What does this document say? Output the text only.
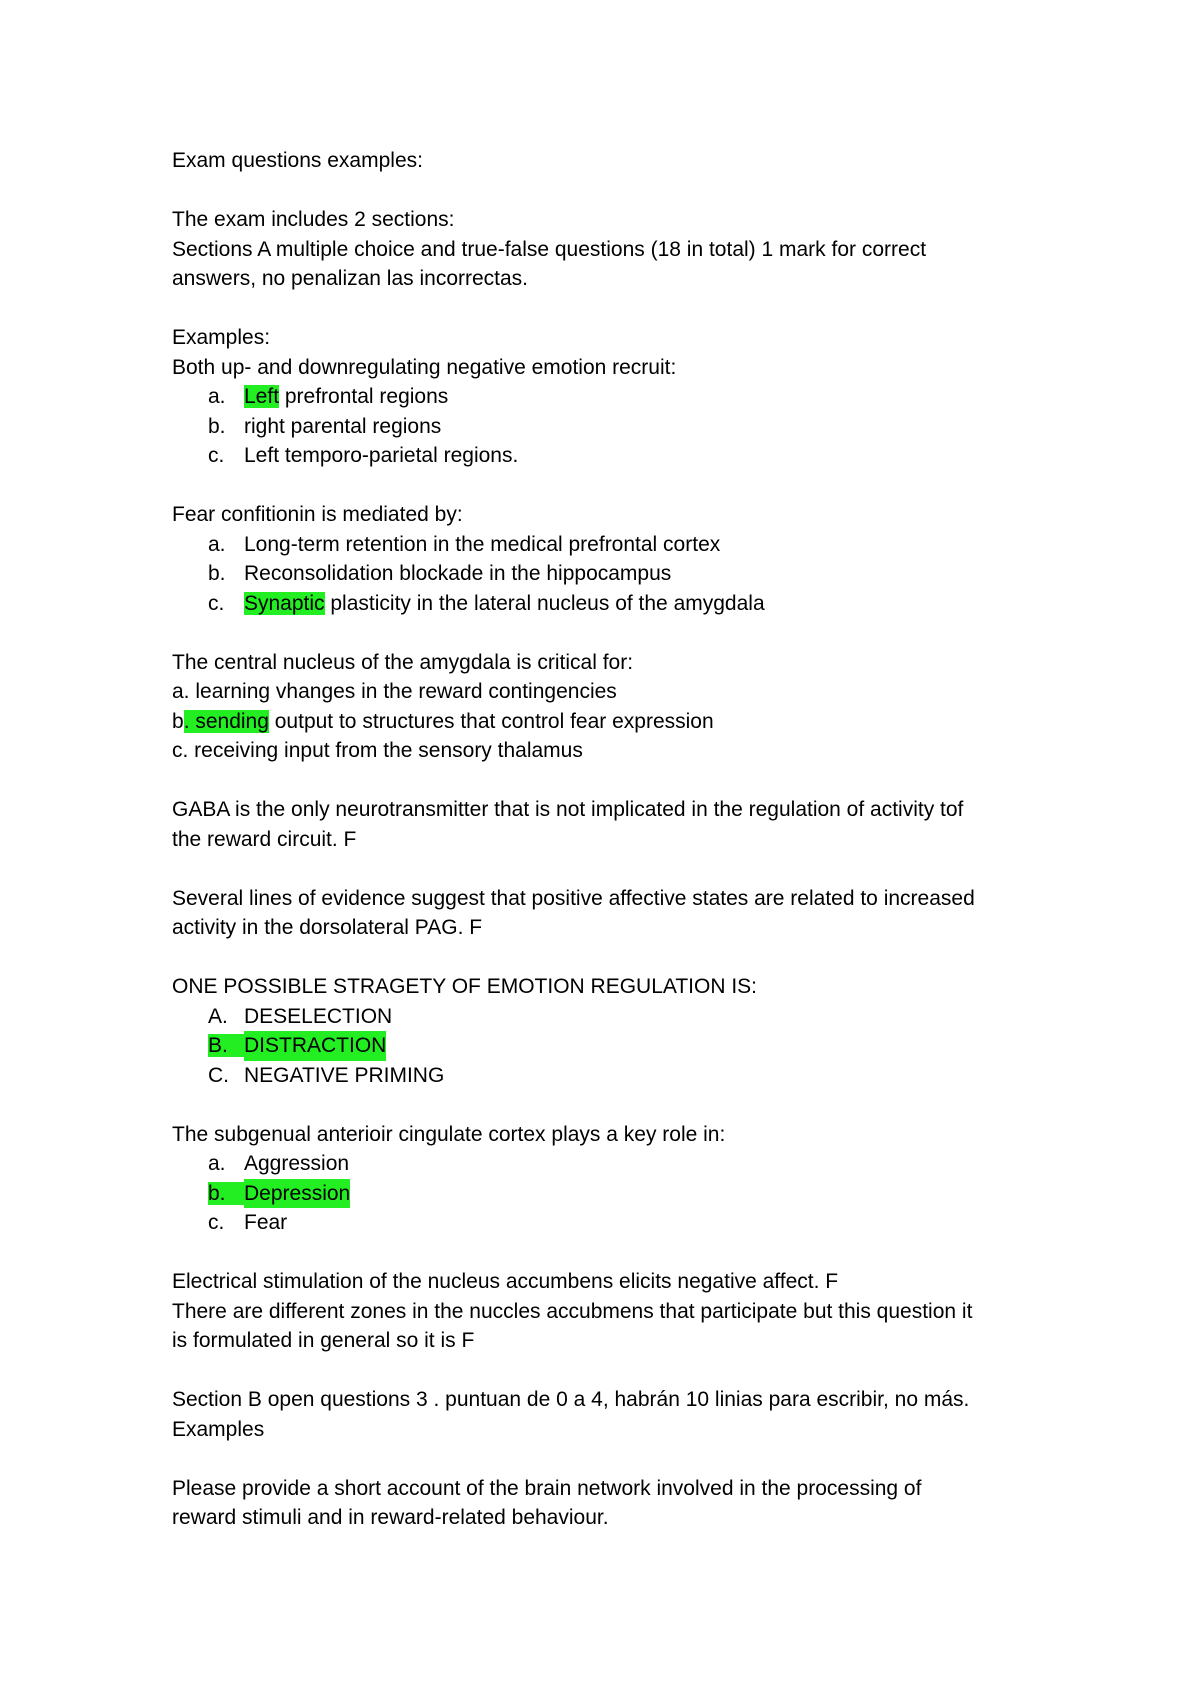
Exam questions examples:
The exam includes 2 sections:
Sections A multiple choice and true-false questions (18 in total) 1 mark for correct
answers, no penalizan las incorrectas.
Examples:
Both up- and downregulating negative emotion recruit:
a. Left prefrontal regions
b. right parental regions
c. Left temporo-parietal regions.
Fear confitionin is mediated by:
a. Long-term retention in the medical prefrontal cortex
b. Reconsolidation blockade in the hippocampus
c. Synaptic plasticity in the lateral nucleus of the amygdala
The central nucleus of the amygdala is critical for:
a. learning vhanges in the reward contingencies
b. sending output to structures that control fear expression
c. receiving input from the sensory thalamus
GABA is the only neurotransmitter that is not implicated in the regulation of activity tof
the reward circuit. F
Several lines of evidence suggest that positive affective states are related to increased
activity in the dorsolateral PAG. F
ONE POSSIBLE STRAGETY OF EMOTION REGULATION IS:
A. DESELECTION
B. DISTRACTION
C. NEGATIVE PRIMING
The subgenual anterioir cingulate cortex plays a key role in:
a. Aggression
b. Depression
c. Fear
Electrical stimulation of the nucleus accumbens elicits negative affect. F
There are different zones in the nuccles accubmens that participate but this question it
is formulated in general so it is F
Section B open questions 3 . puntuan de 0 a 4, habrán 10 linias para escribir, no más.
Examples
Please provide a short account of the brain network involved in the processing of
reward stimuli and in reward-related behaviour.
